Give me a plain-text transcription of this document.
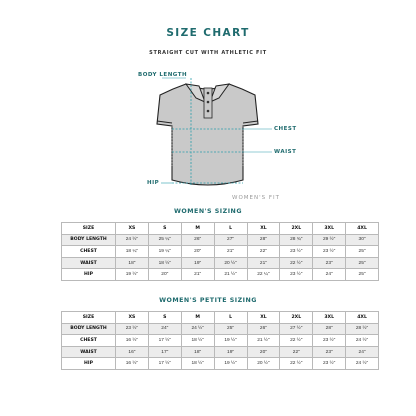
SIZE CHART
STRAIGHT CUT WITH ATHLETIC FIT
BODY LENGTH
CHEST
WAIST
HIP
WOMEN'S FIT
WOMEN'S SIZING
SIZE	XS	S	M	L	XL	2XL	3XL	4XL
BODY LENGTH	24 ½"	25 ¼"	26"	27"	28"	28 ¾"	29 ½"	30"
CHEST	18 ¼"	19 ¼"	20"	21"	22"	23 ½"	23 ½"	25"
WAIST	18"	18 ½"	19"	20 ½"	21"	22 ½"	23"	25"
HIP	19 ½"	20"	21"	21 ½"	22 ¼"	23 ½"	24"	25"
WOMEN'S PETITE SIZING
SIZE	XS	S	M	L	XL	2XL	3XL	4XL
BODY LENGTH	23 ½"	24"	24 ½"	25"	26"	27 ½"	28"	28 ½"
CHEST	16 ½"	17 ½"	18 ½"	19 ½"	21 ½"	22 ½"	23 ½"	24 ½"
WAIST	16"	17"	18"	19"	20"	22"	23"	24"
HIP	16 ½"	17 ½"	18 ½"	19 ½"	20 ½"	22 ½"	23 ½"	24 ½"
